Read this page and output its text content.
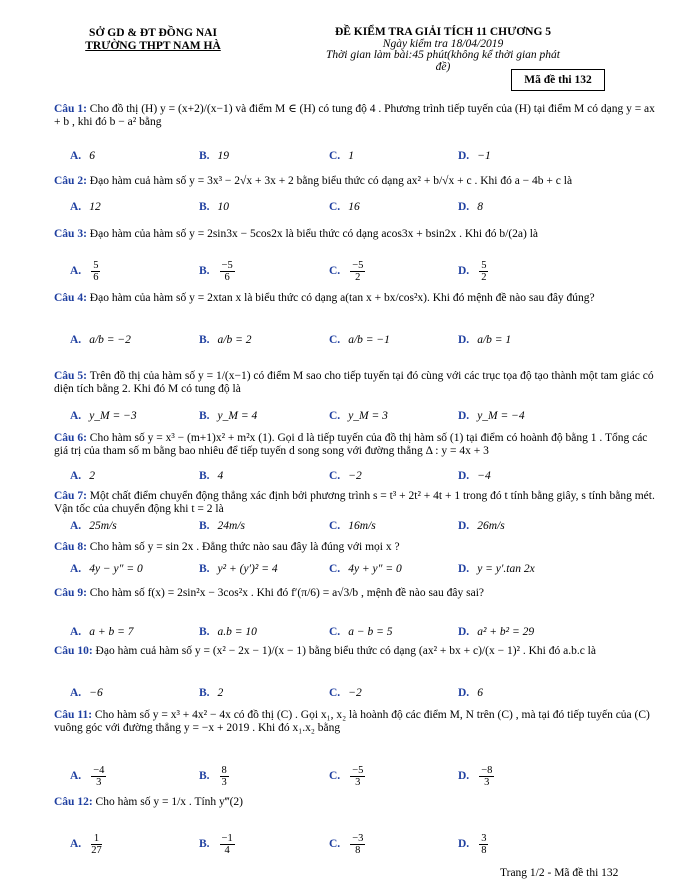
SỞ GD & ĐT ĐỒNG NAI
TRƯỜNG THPT NAM HÀ
ĐỀ KIỂM TRA GIẢI TÍCH 11 CHƯƠNG 5
Ngày kiểm tra 18/04/2019
Thời gian làm bài:45 phút(không kể thời gian phát đề)
Mã đề thi 132
Câu 1: Cho đồ thị (H) y = (x+2)/(x−1) và điểm M ∈ (H) có tung độ 4 . Phương trình tiếp tuyến của (H) tại điểm M có dạng y = ax + b , khi đó b − a² bằng
A. 6	B. 19	C. 1	D. −1
Câu 2: Đạo hàm cuả hàm số y = 3x³ − 2√x + 3x + 2 bằng biểu thức có dạng ax² + b/√x + c . Khi đó a − 4b + c là
A. 12	B. 10	C. 16	D. 8
Câu 3: Đạo hàm của hàm số y = 2sin3x − 5cos2x là biểu thức có dạng acos3x + bsin2x . Khi đó b/(2a) là
A. $\frac{5}{6}$	B. $\frac{-5}{6}$	C. $\frac{-5}{2}$	D. $\frac{5}{2}$
Câu 4: Đạo hàm của hàm số y = 2xtan x là biểu thức có dạng a(tan x + bx/cos²x). Khi đó mệnh đề nào sau đây đúng?
A. a/b = −2	B. a/b = 2	C. a/b = −1	D. a/b = 1
Câu 5: Trên đồ thị của hàm số y = 1/(x−1) có điểm M sao cho tiếp tuyến tại đó cùng với các trục tọa độ tạo thành một tam giác có diện tích bằng 2. Khi đó M có tung độ là
A. y_M = −3	B. y_M = 4	C. y_M = 3	D. y_M = −4
Câu 6: Cho hàm số y = x³ − (m+1)x² + m²x (1). Gọi d là tiếp tuyến của đồ thị hàm số (1) tại điểm có hoành độ bằng 1 . Tổng các giá trị của tham số m bằng bao nhiêu để tiếp tuyến d song song với đường thẳng Δ : y = 4x + 3
A. 2	B. 4	C. −2	D. −4
Câu 7: Một chất điểm chuyển động thẳng xác định bởi phương trình s = t³ + 2t² + 4t + 1 trong đó t tính bằng giây, s tính bằng mét. Vận tốc của chuyển động khi t = 2 là
A. 25m/s	B. 24m/s	C. 16m/s	D. 26m/s
Câu 8: Cho hàm số y = sin 2x . Đẳng thức nào sau đây là đúng với mọi x ?
A. 4y − y″ = 0	B. y² + (y′)² = 4	C. 4y + y″ = 0	D. y = y′.tan 2x
Câu 9: Cho hàm số f(x) = 2sin²x − 3cos²x . Khi đó f′(π/6) = a√3/b , mệnh đề nào sau đây sai?
A. a + b = 7	B. a.b = 10	C. a − b = 5	D. a² + b² = 29
Câu 10: Đạo hàm cuả hàm số y = (x² − 2x − 1)/(x − 1) bằng biểu thức có dạng (ax² + bx + c)/(x − 1)² . Khi đó a.b.c là
A. −6	B. 2	C. −2	D. 6
Câu 11: Cho hàm số y = x³ + 4x² − 4x có đồ thị (C) . Gọi x₁, x₂ là hoành độ các điểm M, N trên (C) , mà tại đó tiếp tuyến của (C) vuông góc với đường thẳng y = −x + 2019 . Khi đó x₁.x₂ bằng
A. $\frac{-4}{3}$	B. $\frac{8}{3}$	C. $\frac{-5}{3}$	D. $\frac{-8}{3}$
Câu 12: Cho hàm số y = 1/x . Tính y‴(2)
A. $\frac{1}{27}$	B. $\frac{-1}{4}$	C. $\frac{-3}{8}$	D. $\frac{3}{8}$
Trang 1/2 - Mã đề thi 132
